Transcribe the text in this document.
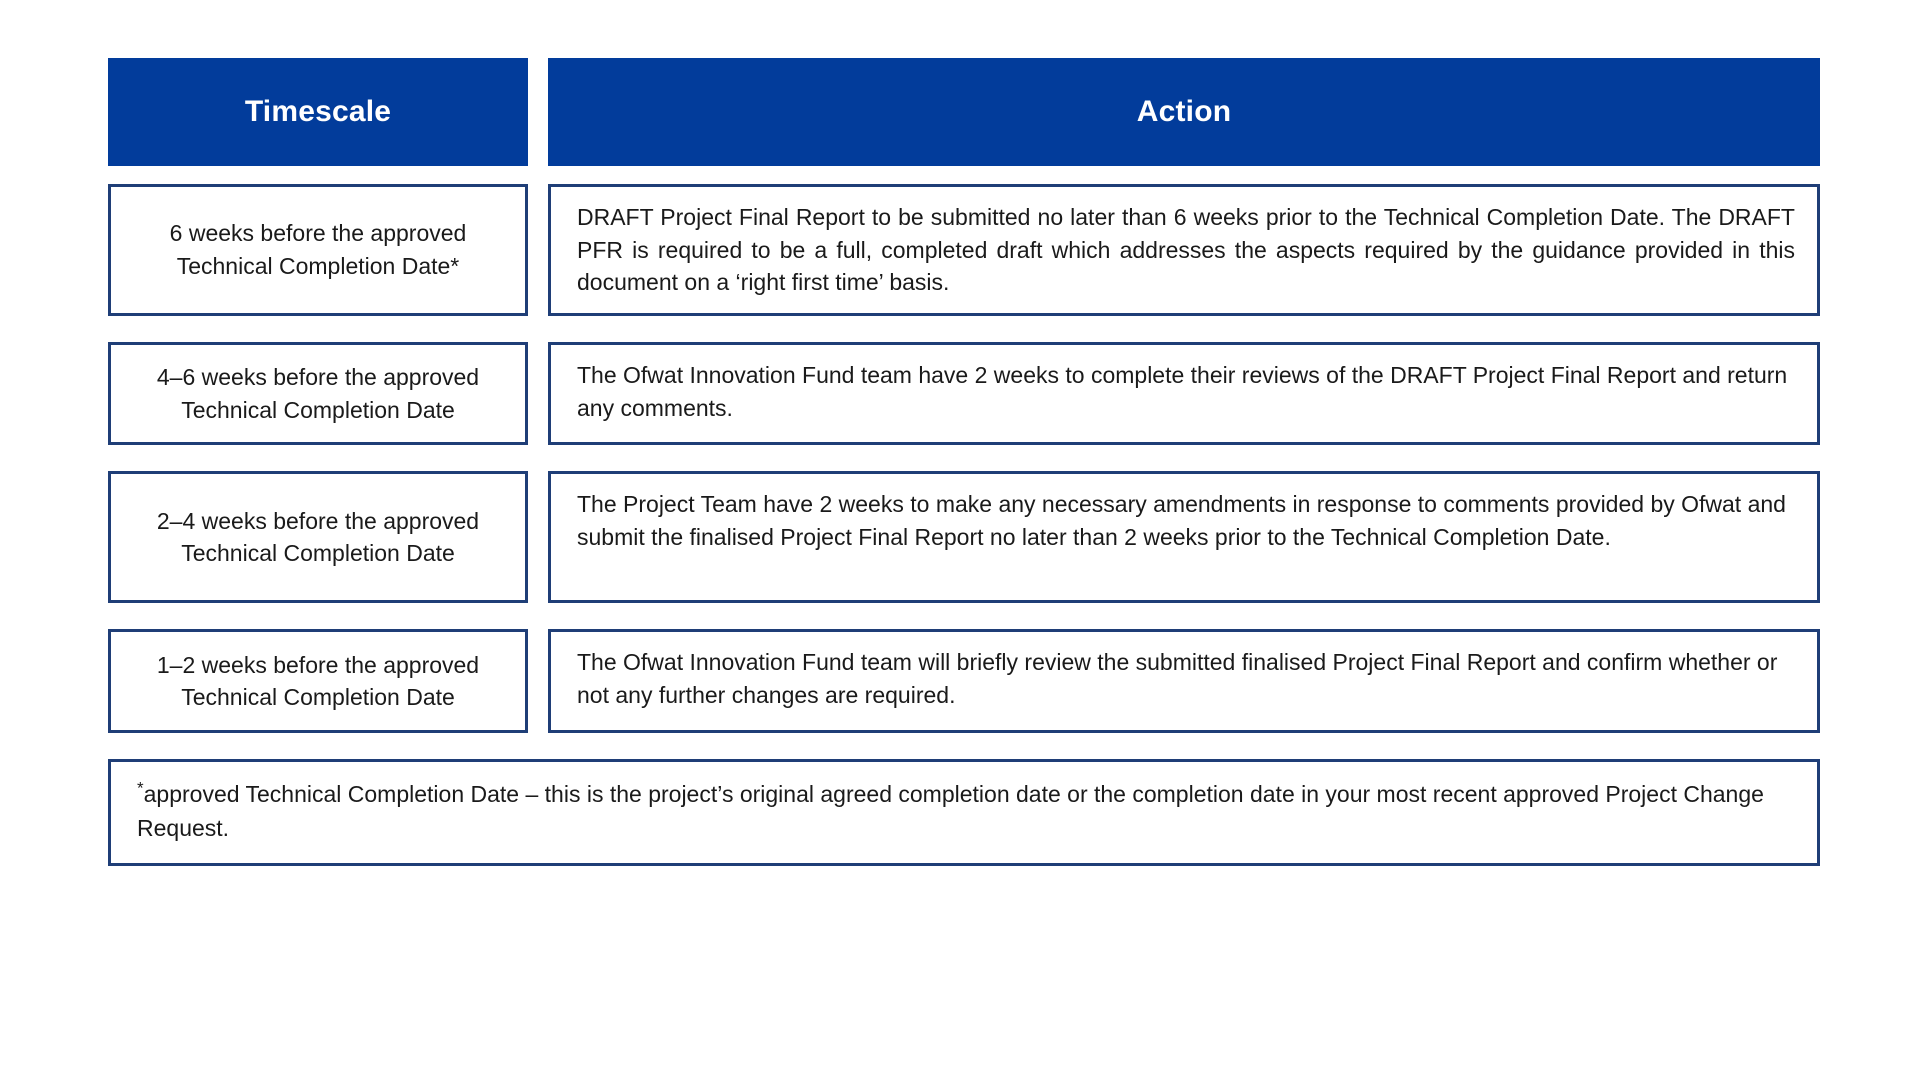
Timescale	Action
6 weeks before the approved Technical Completion Date*
DRAFT Project Final Report to be submitted no later than 6 weeks prior to the Technical Completion Date. The DRAFT PFR is required to be a full, completed draft which addresses the aspects required by the guidance provided in this document on a ‘right first time’ basis.
4–6 weeks before the approved Technical Completion Date
The Ofwat Innovation Fund team have 2 weeks to complete their reviews of the DRAFT Project Final Report and return any comments.
2–4 weeks before the approved Technical Completion Date
The Project Team have 2 weeks to make any necessary amendments in response to comments provided by Ofwat and submit the finalised Project Final Report no later than 2 weeks prior to the Technical Completion Date.
1–2 weeks before the approved Technical Completion Date
The Ofwat Innovation Fund team will briefly review the submitted finalised Project Final Report and confirm whether or not any further changes are required.
*approved Technical Completion Date – this is the project’s original agreed completion date or the completion date in your most recent approved Project Change Request.
